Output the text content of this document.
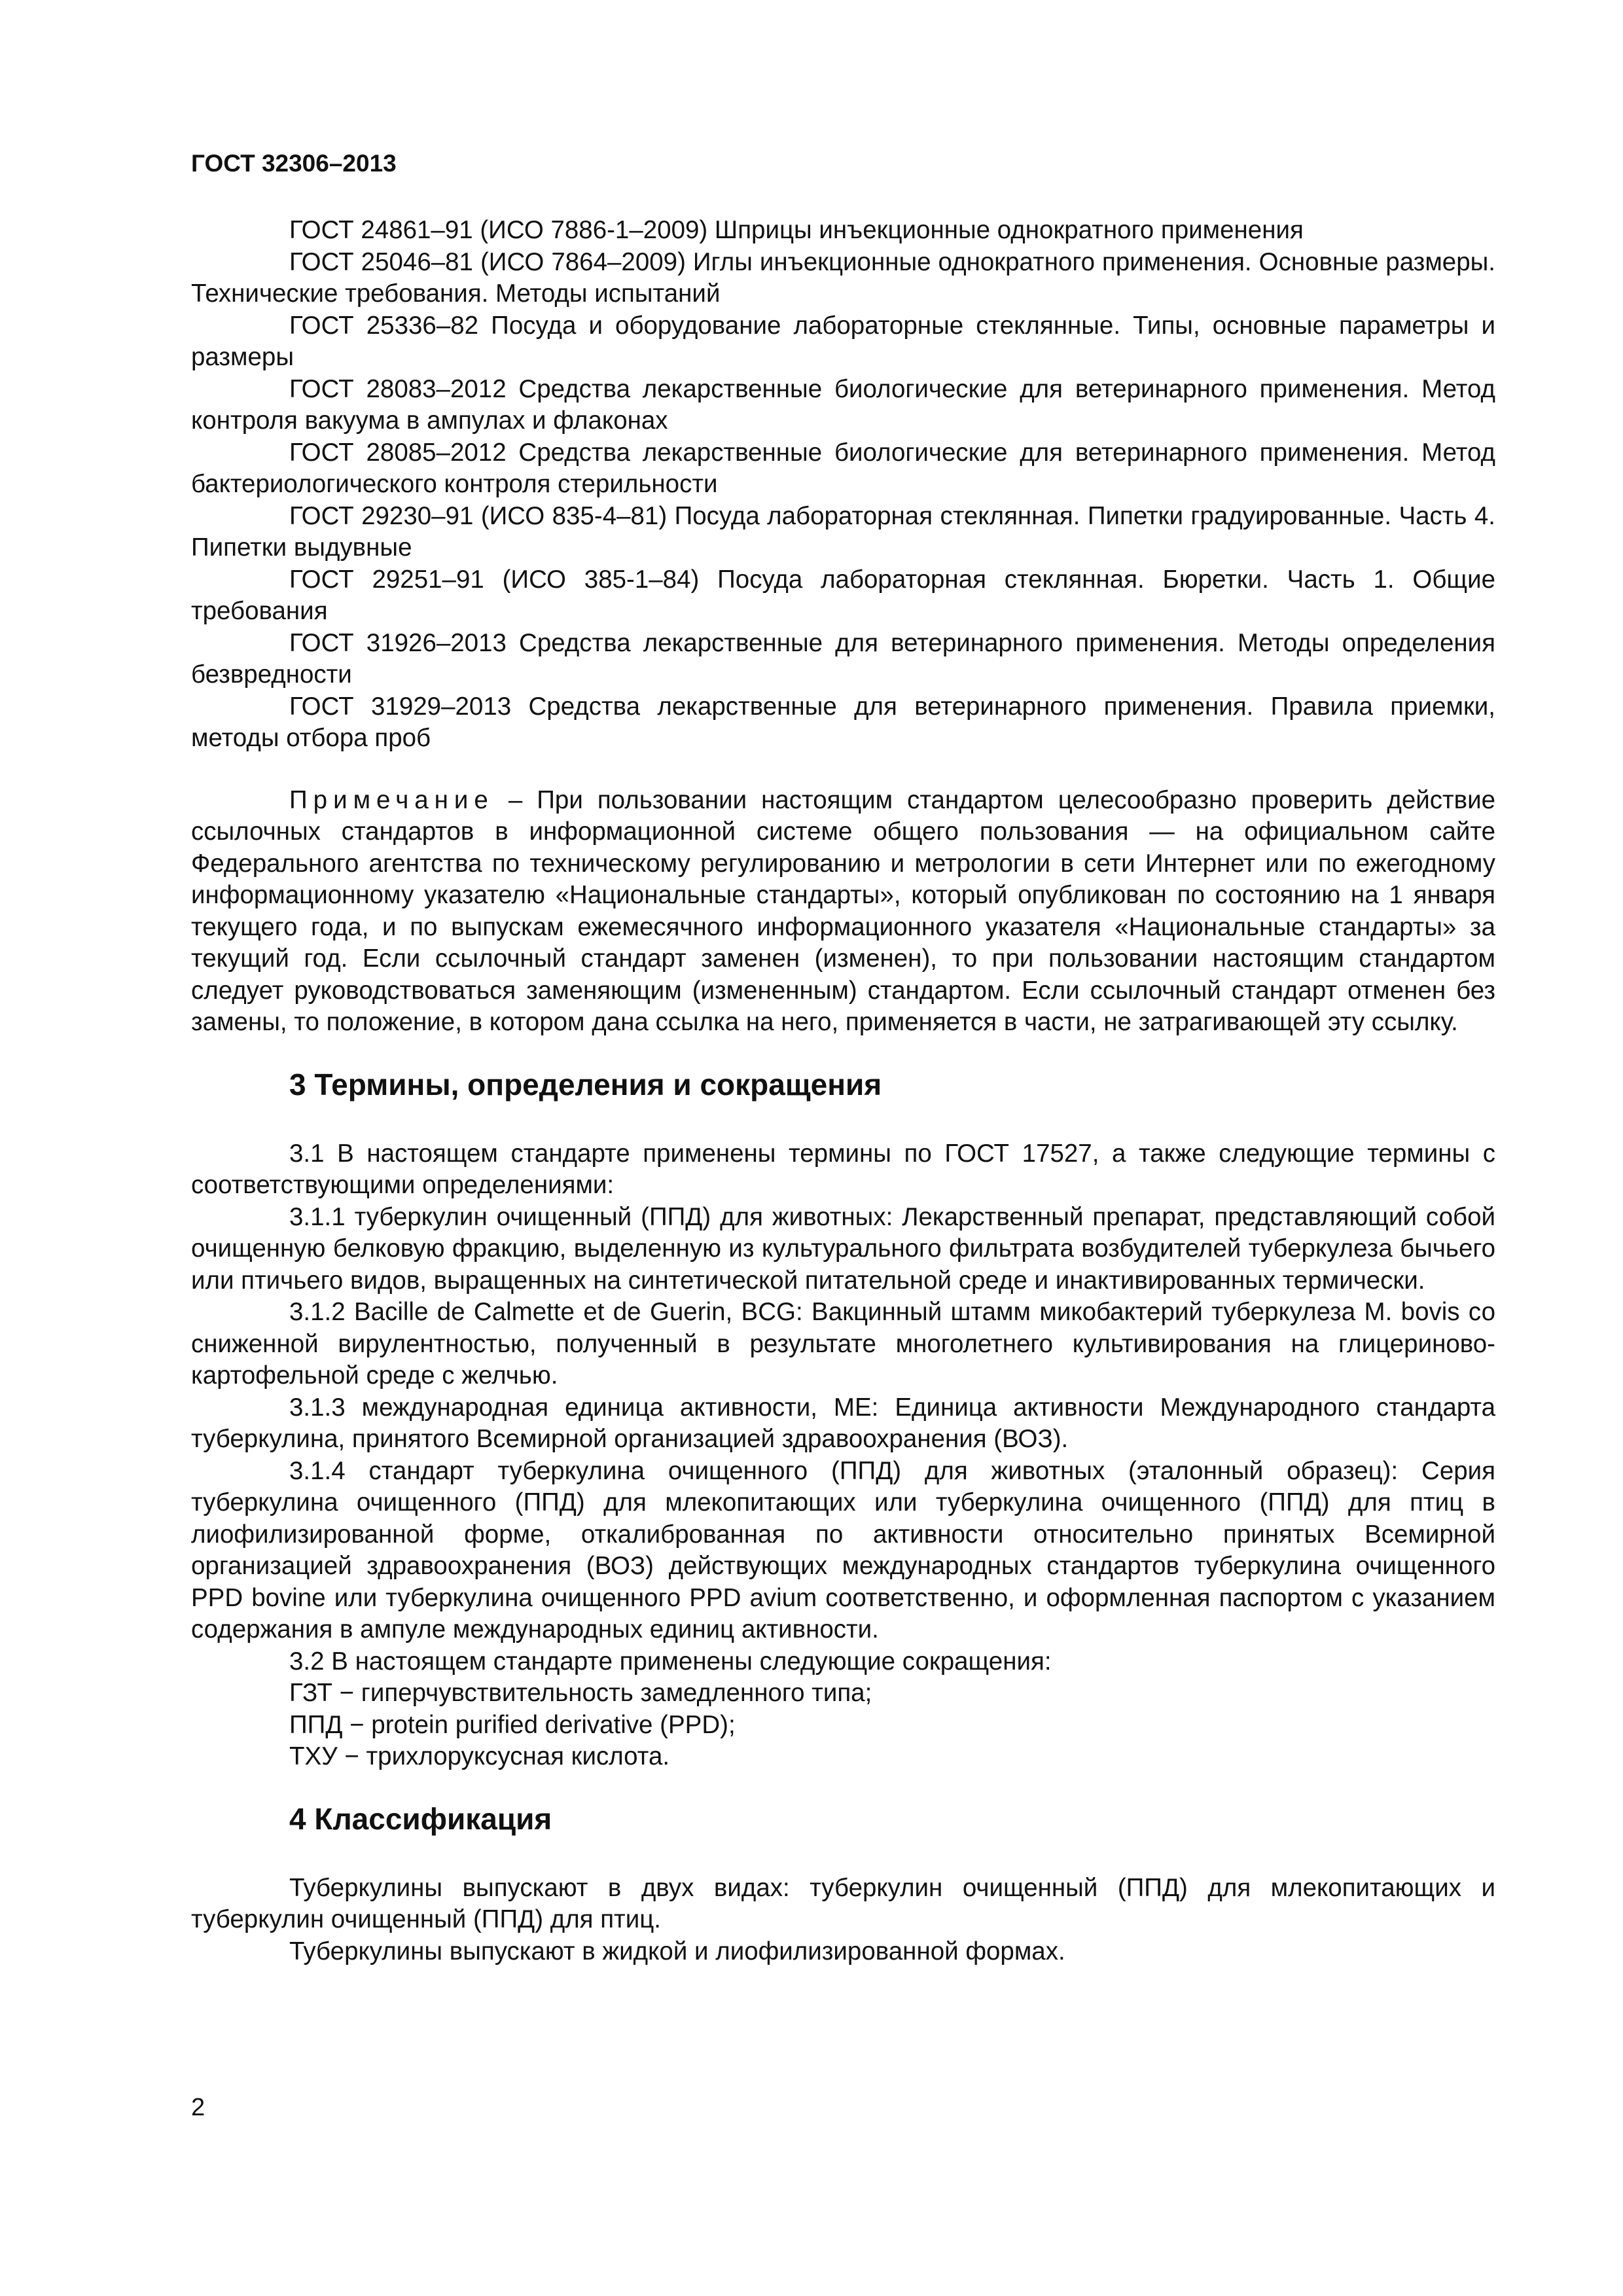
ГОСТ 32306–2013

ГОСТ 24861–91 (ИСО 7886-1–2009) Шприцы инъекционные однократного применения

ГОСТ 25046–81 (ИСО 7864–2009) Иглы инъекционные однократного применения. Основные размеры. Технические требования. Методы испытаний

ГОСТ 25336–82 Посуда и оборудование лабораторные стеклянные. Типы, основные параметры и размеры

ГОСТ 28083–2012 Средства лекарственные биологические для ветеринарного применения. Метод контроля вакуума в ампулах и флаконах

ГОСТ 28085–2012 Средства лекарственные биологические для ветеринарного применения. Метод бактериологического контроля стерильности

ГОСТ 29230–91 (ИСО 835-4–81) Посуда лабораторная стеклянная. Пипетки градуированные. Часть 4. Пипетки выдувные

ГОСТ 29251–91 (ИСО 385-1–84) Посуда лабораторная стеклянная. Бюретки. Часть 1. Общие требования

ГОСТ 31926–2013 Средства лекарственные для ветеринарного применения. Методы определения безвредности

ГОСТ 31929–2013 Средства лекарственные для ветеринарного применения. Правила приемки, методы отбора проб

Примечание – При пользовании настоящим стандартом целесообразно проверить действие ссылочных стандартов в информационной системе общего пользования — на официальном сайте Федерального агентства по техническому регулированию и метрологии в сети Интернет или по ежегодному информационному указателю «Национальные стандарты», который опубликован по состоянию на 1 января текущего года, и по выпускам ежемесячного информационного указателя «Национальные стандарты» за текущий год. Если ссылочный стандарт заменен (изменен), то при пользовании настоящим стандартом следует руководствоваться заменяющим (измененным) стандартом. Если ссылочный стандарт отменен без замены, то положение, в котором дана ссылка на него, применяется в части, не затрагивающей эту ссылку.

3 Термины, определения и сокращения

3.1 В настоящем стандарте применены термины по ГОСТ 17527, а также следующие термины с соответствующими определениями:

3.1.1 туберкулин очищенный (ППД) для животных: Лекарственный препарат, представляющий собой очищенную белковую фракцию, выделенную из культурального фильтрата возбудителей туберкулеза бычьего или птичьего видов, выращенных на синтетической питательной среде и инактивированных термически.

3.1.2 Bacille de Calmette et de Guerin, BCG: Вакцинный штамм микобактерий туберкулеза M. bovis со сниженной вирулентностью, полученный в результате многолетнего культивирования на глицериново-картофельной среде с желчью.

3.1.3 международная единица активности, МЕ: Единица активности Международного стандарта туберкулина, принятого Всемирной организацией здравоохранения (ВОЗ).

3.1.4 стандарт туберкулина очищенного (ППД) для животных (эталонный образец): Серия туберкулина очищенного (ППД) для млекопитающих или туберкулина очищенного (ППД) для птиц в лиофилизированной форме, откалиброванная по активности относительно принятых Всемирной организацией здравоохранения (ВОЗ) действующих международных стандартов туберкулина очищенного PPD bovine или туберкулина очищенного PPD avium соответственно, и оформленная паспортом с указанием содержания в ампуле международных единиц активности.

3.2 В настоящем стандарте применены следующие сокращения:

ГЗТ − гиперчувствительность замедленного типа;

ППД − protein purified derivative (PPD);

ТХУ − трихлоруксусная кислота.

4 Классификация

Туберкулины выпускают в двух видах: туберкулин очищенный (ППД) для млекопитающих и туберкулин очищенный (ППД) для птиц.

Туберкулины выпускают в жидкой и лиофилизированной формах.

2
